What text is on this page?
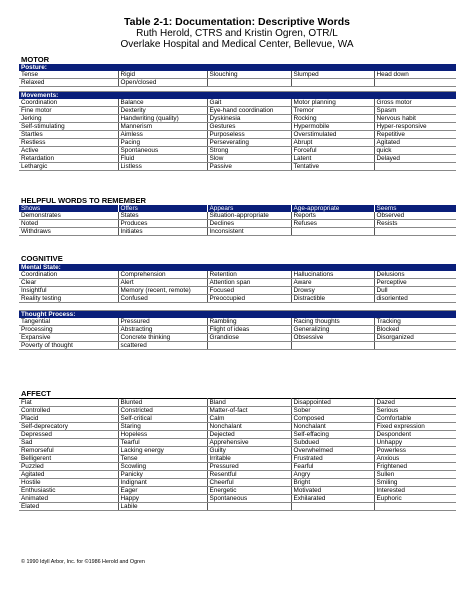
Table 2-1: Documentation: Descriptive Words
Ruth Herold, CTRS and Kristin Ogren, OTR/L
Overlake Hospital and Medical Center, Bellevue, WA
MOTOR
Posture:				
Tense	Rigid	Slouching	Slumped	Head down
Relaxed	Open/closed			

Movements:				
Coordination	Balance	Gait	Motor planning	Gross motor
Fine motor	Dexterity	Eye-hand coordination	Tremor	Spasm
Jerking	Handwriting (quality)	Dyskinesia	Rocking	Nervous habit
Self-stimulating	Mannerism	Gestures	Hypermobile	Hyper-responsive
Startles	Aimless	Purposeless	Overstimulated	Repetitive
Restless	Pacing	Perseverating	Abrupt	Agitated
Active	Spontaneous	Strong	Forceful	quick
Retardation	Fluid	Slow	Latent	Delayed
Lethargic	Listless	Passive	Tentative	
HELPFUL WORDS TO REMEMBER
Shows	Offers	Appears	Age-appropriate	Seems
Demonstrates	States	Situation-appropriate	Reports	Observed
Noted	Produces	Declines	Refuses	Resists
Withdraws	Initiates	Inconsistent		
COGNITIVE
Mental State:				
Coordination	Comprehension	Retention	Hallucinations	Delusions
Clear	Alert	Attention span	Aware	Perceptive
Insightful	Memory (recent, remote)	Focused	Drowsy	Dull
Reality testing	Confused	Preoccupied	Distractible	disoriented

Thought Process:				
Tangential	Pressured	Rambling	Racing thoughts	Tracking
Processing	Abstracting	Flight of ideas	Generalizing	Blocked
Expansive	Concrete thinking	Grandiose	Obsessive	Disorganized
Poverty of thought	scattered			
AFFECT
Flat	Blunted	Bland	Disappointed	Dazed
Controlled	Constricted	Matter-of-fact	Sober	Serious
Placid	Self-critical	Calm	Composed	Comfortable
Self-deprecatory	Staring	Nonchalant	Nonchalant	Fixed expression
Depressed	Hopeless	Dejected	Self-effacing	Despondent
Sad	Tearful	Apprehensive	Subdued	Unhappy
Remorseful	Lacking energy	Guilty	Overwhelmed	Powerless
Belligerent	Tense	Irritable	Frustrated	Anxious
Puzzled	Scowling	Pressured	Fearful	Frightened
Agitated	Panicky	Resentful	Angry	Sullen
Hostile	Indignant	Cheerful	Bright	Smiling
Enthusiastic	Eager	Energetic	Motivated	Interested
Animated	Happy	Spontaneous	Exhilarated	Euphoric
Elated	Labile			
© 1990 Idyll Arbor, Inc. for ©1986 Herold and Ogren
